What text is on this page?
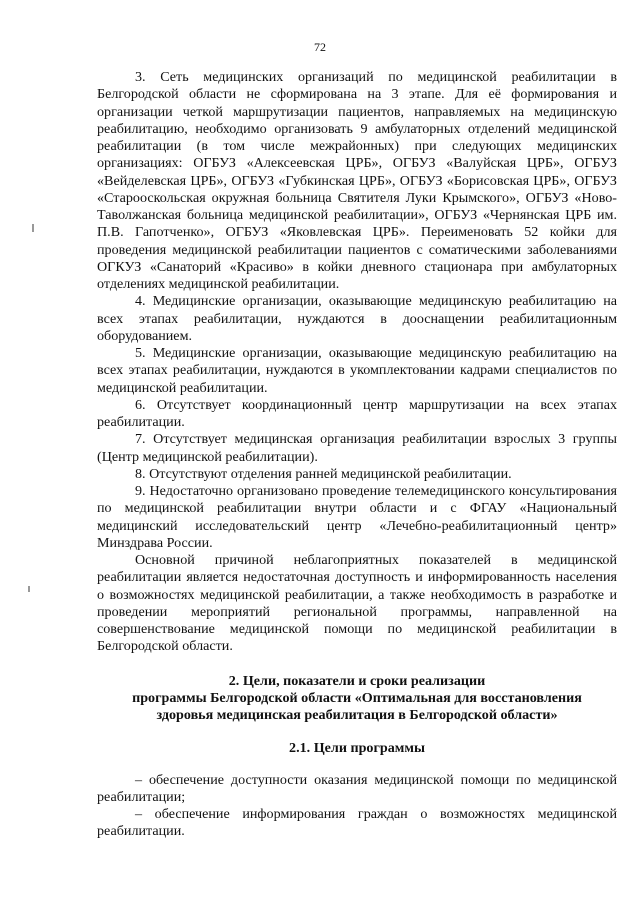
72

3. Сеть медицинских организаций по медицинской реабилитации в Белгородской области не сформирована на 3 этапе. Для её формирования и организации четкой маршрутизации пациентов, направляемых на медицинскую реабилитацию, необходимо организовать 9 амбулаторных отделений медицинской реабилитации (в том числе межрайонных) при следующих медицинских организациях: ОГБУЗ «Алексеевская ЦРБ», ОГБУЗ «Валуйская ЦРБ», ОГБУЗ «Вейделевская ЦРБ», ОГБУЗ «Губкинская ЦРБ», ОГБУЗ «Борисовская ЦРБ», ОГБУЗ «Старооскольская окружная больница Святителя Луки Крымского», ОГБУЗ «Ново-Таволжанская больница медицинской реабилитации», ОГБУЗ «Чернянская ЦРБ им. П.В. Гапотченко», ОГБУЗ «Яковлевская ЦРБ». Переименовать 52 койки для проведения медицинской реабилитации пациентов с соматическими заболеваниями ОГКУЗ «Санаторий «Красиво» в койки дневного стационара при амбулаторных отделениях медицинской реабилитации.

4. Медицинские организации, оказывающие медицинскую реабилитацию на всех этапах реабилитации, нуждаются в дооснащении реабилитационным оборудованием.

5. Медицинские организации, оказывающие медицинскую реабилитацию на всех этапах реабилитации, нуждаются в укомплектовании кадрами специалистов по медицинской реабилитации.

6. Отсутствует координационный центр маршрутизации на всех этапах реабилитации.

7. Отсутствует медицинская организация реабилитации взрослых 3 группы (Центр медицинской реабилитации).

8. Отсутствуют отделения ранней медицинской реабилитации.

9. Недостаточно организовано проведение телемедицинского консультирования по медицинской реабилитации внутри области и с ФГАУ «Национальный медицинский исследовательский центр «Лечебно-реабилитационный центр» Минздрава России.

Основной причиной неблагоприятных показателей в медицинской реабилитации является недостаточная доступность и информированность населения о возможностях медицинской реабилитации, а также необходимость в разработке и проведении мероприятий региональной программы, направленной на совершенствование медицинской помощи по медицинской реабилитации в Белгородской области.

2. Цели, показатели и сроки реализации
программы Белгородской области «Оптимальная для восстановления
здоровья медицинская реабилитация в Белгородской области»
2.1. Цели программы

– обеспечение доступности оказания медицинской помощи по медицинской реабилитации;

– обеспечение информирования граждан о возможностях медицинской реабилитации.
